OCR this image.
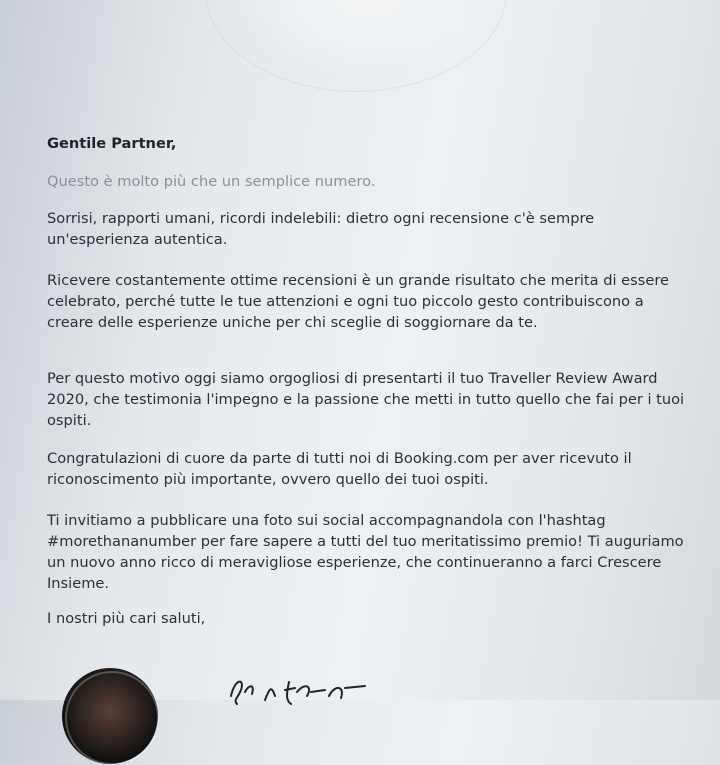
Gentile Partner,

Questo è molto più che un semplice numero.

Sorrisi, rapporti umani, ricordi indelebili: dietro ogni recensione c'è sempre un'esperienza autentica.

Ricevere costantemente ottime recensioni è un grande risultato che merita di essere celebrato, perché tutte le tue attenzioni e ogni tuo piccolo gesto contribuiscono a creare delle esperienze uniche per chi sceglie di soggiornare da te.

Per questo motivo oggi siamo orgogliosi di presentarti il tuo Traveller Review Award 2020, che testimonia l'impegno e la passione che metti in tutto quello che fai per i tuoi ospiti.

Congratulazioni di cuore da parte di tutti noi di Booking.com per aver ricevuto il riconoscimento più importante, ovvero quello dei tuoi ospiti.

Ti invitiamo a pubblicare una foto sui social accompagnandola con l'hashtag #morethananumber per fare sapere a tutti del tuo meritatissimo premio! Ti auguriamo un nuovo anno ricco di meravigliose esperienze, che continueranno a farci Crescere Insieme.

I nostri più cari saluti,
